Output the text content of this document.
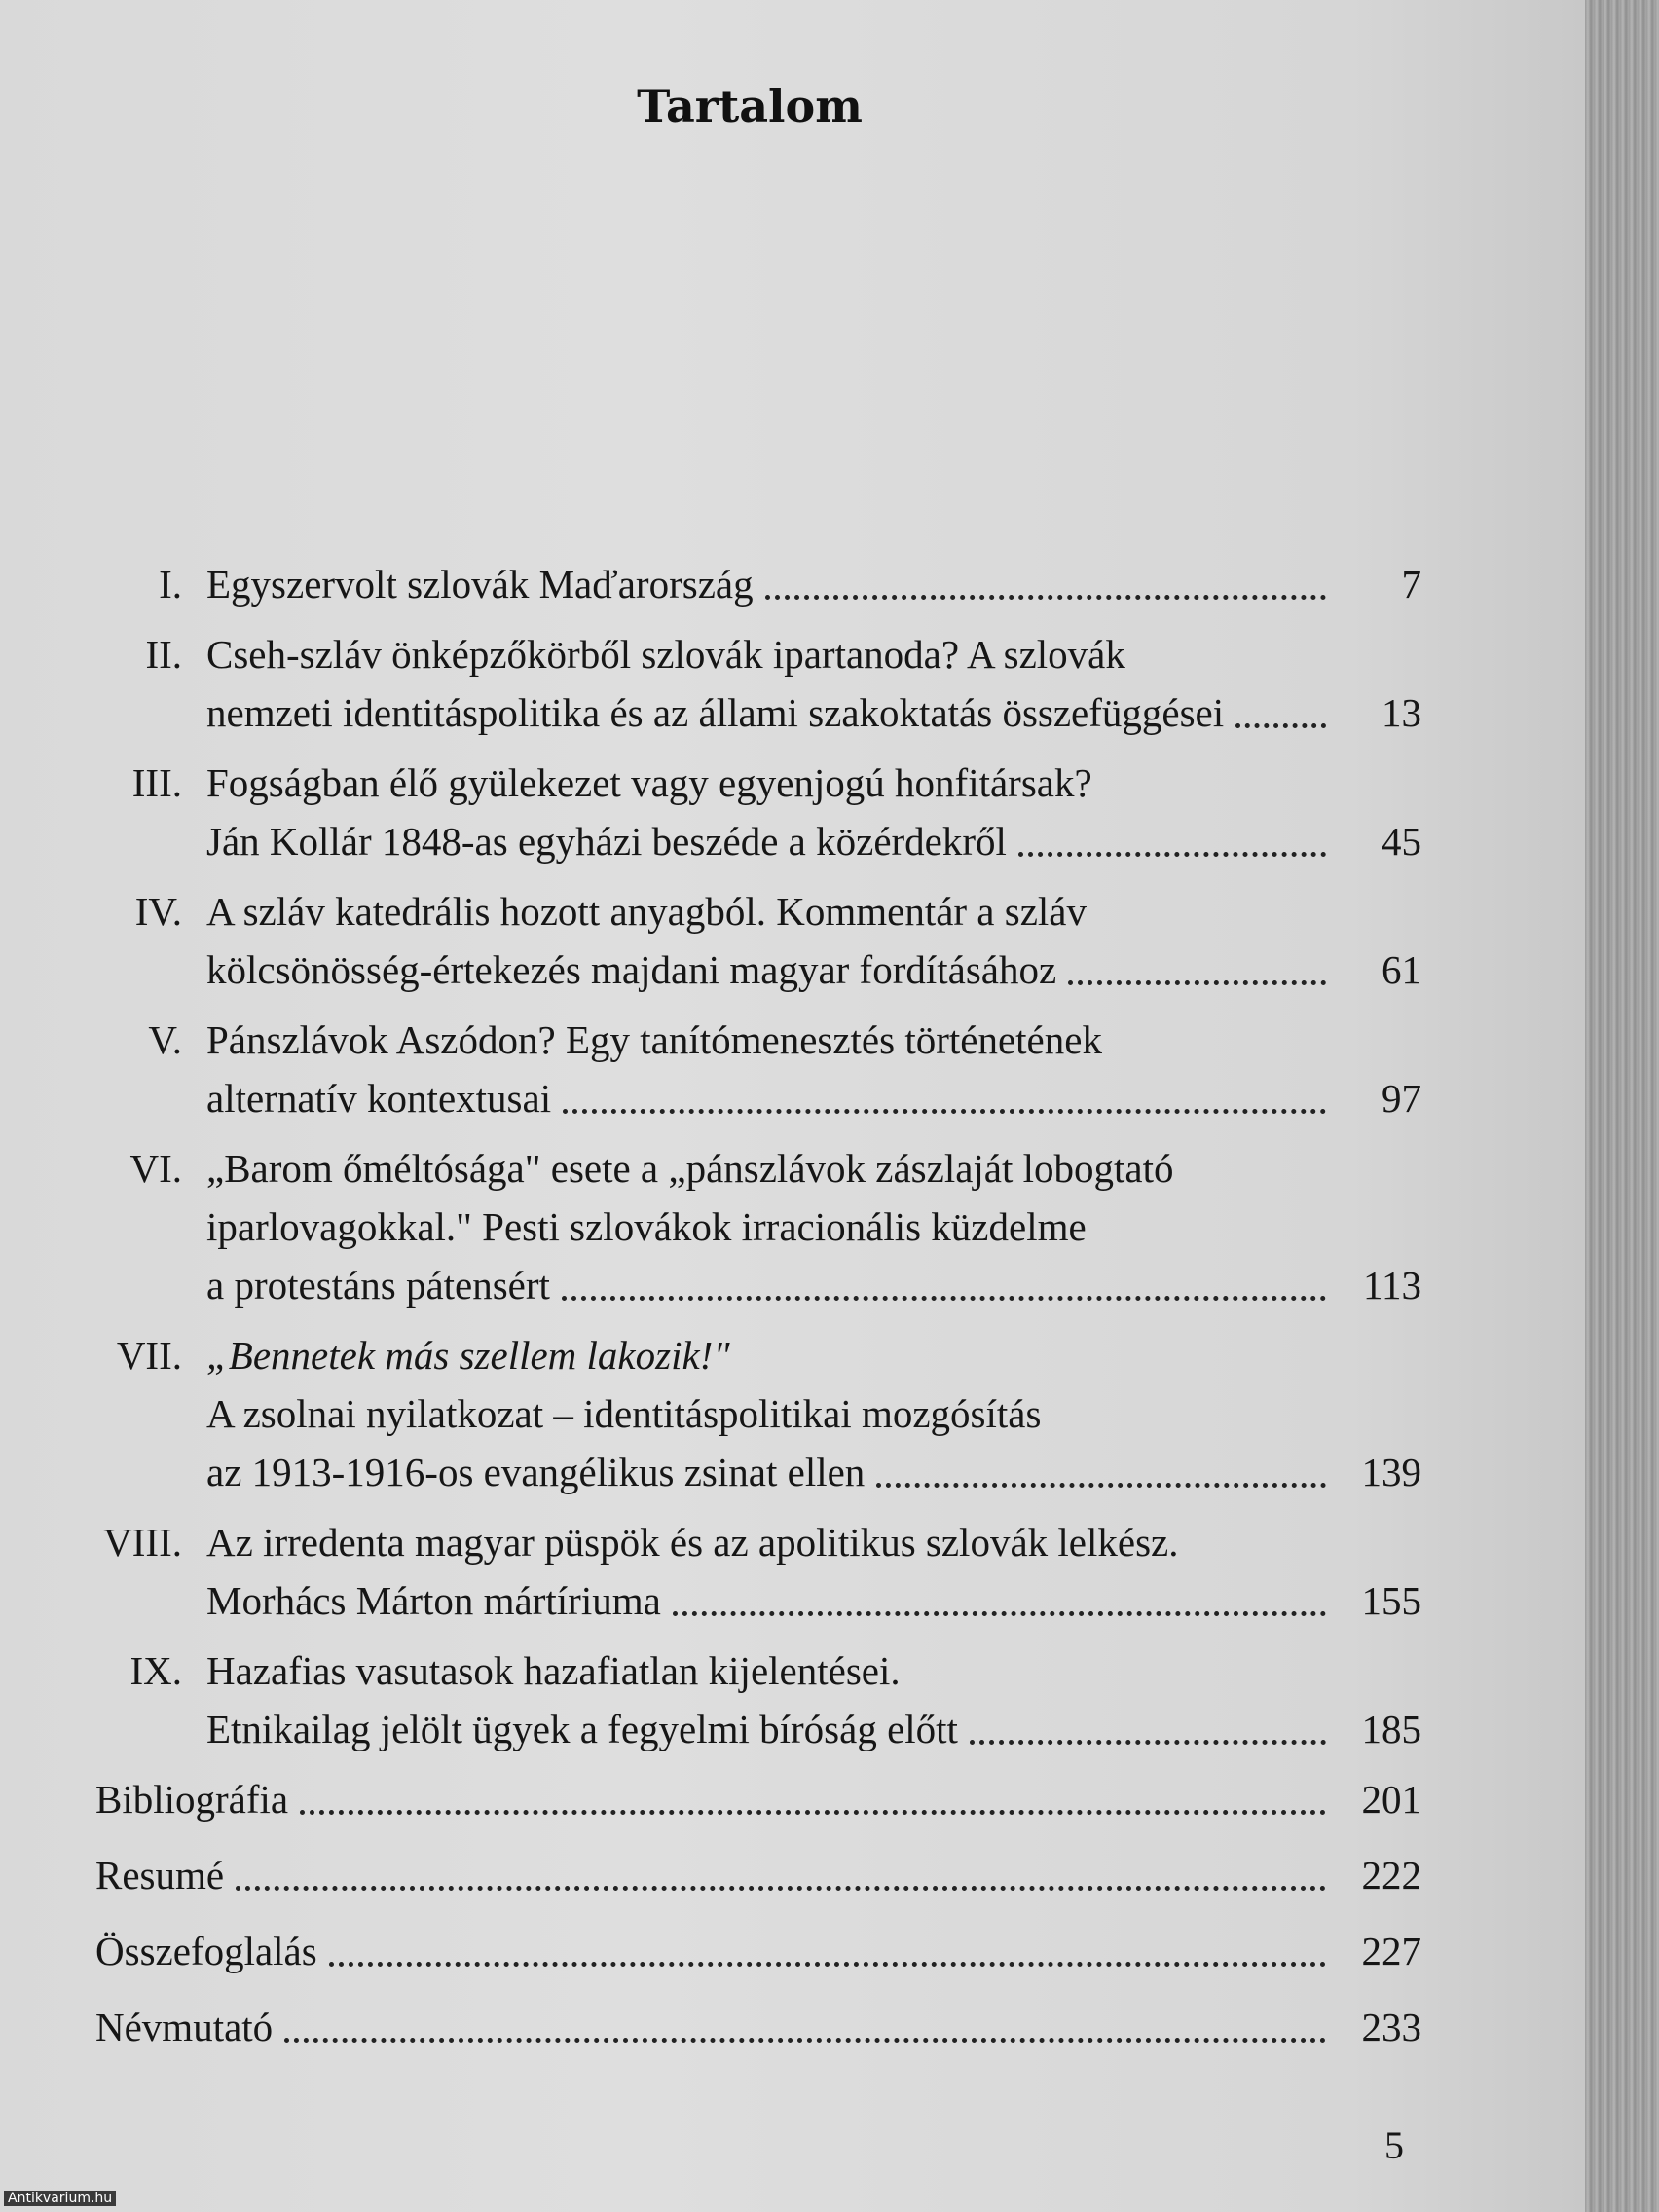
Tartalom
I. Egyszervolt szlovák Maďarország	7
II. Cseh-szláv önképzőkörből szlovák ipartanoda? A szlovák
nemzeti identitáspolitika és az állami szakoktatás összefüggései	13
III. Fogságban élő gyülekezet vagy egyenjogú honfitársak?
Ján Kollár 1848-as egyházi beszéde a közérdekről	45
IV. A szláv katedrális hozott anyagból. Kommentár a szláv
kölcsönösség-értekezés majdani magyar fordításához	61
V. Pánszlávok Aszódon? Egy tanítómenesztés történetének
alternatív kontextusai	97
VI. „Barom őméltósága" esete a „pánszlávok zászlaját lobogtató
iparlovagokkal." Pesti szlovákok irracionális küzdelme
a protestáns pátensért	113
VII. „Bennetek más szellem lakozik!"
A zsolnai nyilatkozat – identitáspolitikai mozgósítás
az 1913-1916-os evangélikus zsinat ellen	139
VIII. Az irredenta magyar püspök és az apolitikus szlovák lelkész.
Morhács Márton mártíriuma	155
IX. Hazafias vasutasok hazafiatlan kijelentései.
Etnikailag jelölt ügyek a fegyelmi bíróság előtt	185
Bibliográfia	201
Resumé	222
Összefoglalás	227
Névmutató	233
5
Antikvarium.hu
